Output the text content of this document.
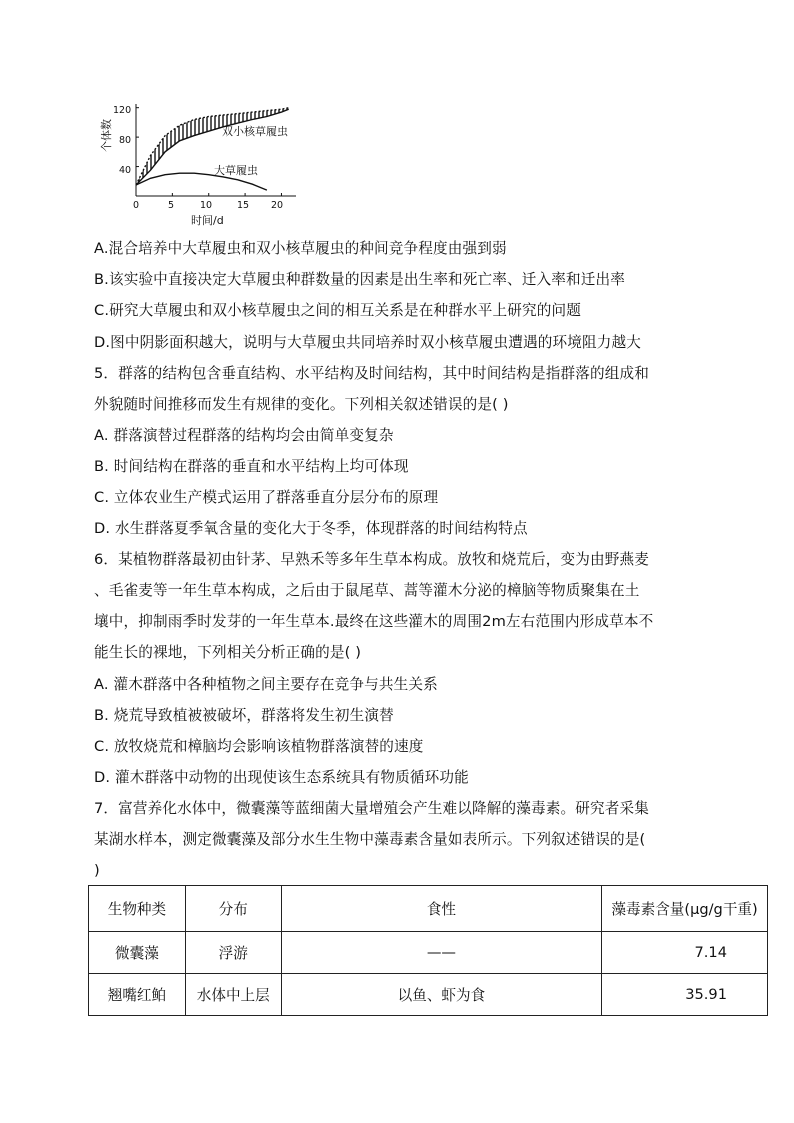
个体数
时间/d
40
80
120
0	5	10	15 20
双小核草履虫
大草履虫
A.混合培养中大草履虫和双小核草履虫的种间竞争程度由强到弱
B.该实验中直接决定大草履虫种群数量的因素是出生率和死亡率、迁入率和迁出率
C.研究大草履虫和双小核草履虫之间的相互关系是在种群水平上研究的问题
D.图中阴影面积越大，说明与大草履虫共同培养时双小核草履虫遭遇的环境阻力越大
5．群落的结构包含垂直结构、水平结构及时间结构，其中时间结构是指群落的组成和
外貌随时间推移而发生有规律的变化。下列相关叙述错误的是( )
A. 群落演替过程群落的结构均会由简单变复杂
B. 时间结构在群落的垂直和水平结构上均可体现
C. 立体农业生产模式运用了群落垂直分层分布的原理
D. 水生群落夏季氧含量的变化大于冬季，体现群落的时间结构特点
6．某植物群落最初由针茅、早熟禾等多年生草本构成。放牧和烧荒后，变为由野燕麦
、毛雀麦等一年生草本构成，之后由于鼠尾草、蒿等灌木分泌的樟脑等物质聚集在土
壤中，抑制雨季时发芽的一年生草本.最终在这些灌木的周围2m左右范围内形成草本不
能生长的裸地，下列相关分析正确的是( )
A. 灌木群落中各种植物之间主要存在竞争与共生关系
B. 烧荒导致植被被破坏，群落将发生初生演替
C. 放牧烧荒和樟脑均会影响该植物群落演替的速度
D. 灌木群落中动物的出现使该生态系统具有物质循环功能
7．富营养化水体中，微囊藻等蓝细菌大量增殖会产生难以降解的藻毒素。研究者采集
某湖水样本，测定微囊藻及部分水生生物中藻毒素含量如表所示。下列叙述错误的是(
)
生物种类	分布	食性	藻毒素含量(μg/g干重)
微囊藻	浮游	——	7.14
翘嘴红鲌	水体中上层	以鱼、虾为食	35.91
